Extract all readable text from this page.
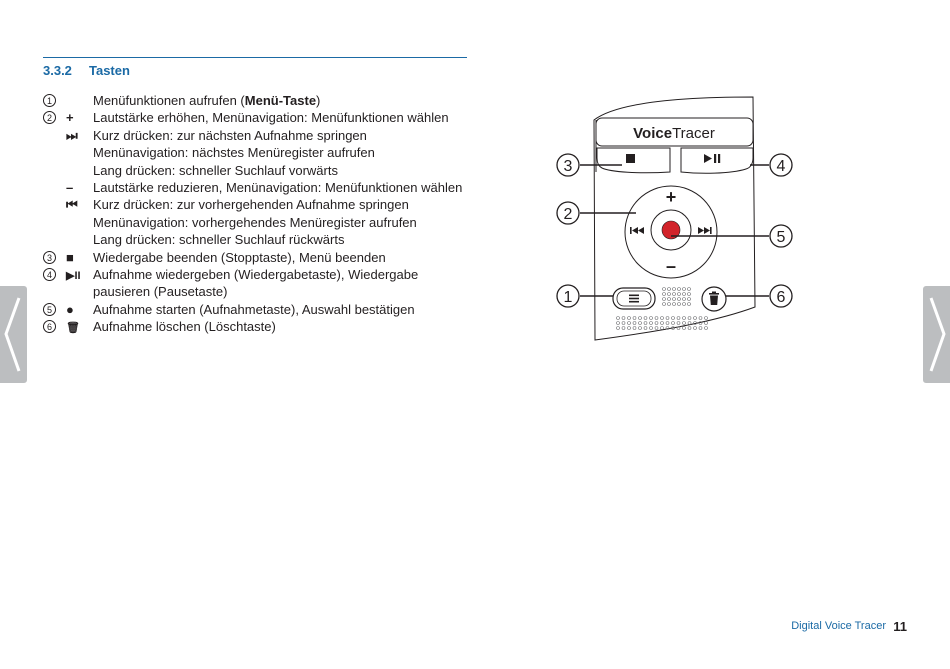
3.3.2 Tasten
1	Menüfunktionen aufrufen (Menü-Taste)
2	+	Lautstärke erhöhen, Menünavigation: Menüfunktionen wählen
⏭	Kurz drücken: zur nächsten Aufnahme springen
Menünavigation: nächstes Menüregister aufrufen
Lang drücken: schneller Suchlauf vorwärts
–	Lautstärke reduzieren, Menünavigation: Menüfunktionen wählen
⏮	Kurz drücken: zur vorhergehenden Aufnahme springen
Menünavigation: vorhergehendes Menüregister aufrufen
Lang drücken: schneller Suchlauf rückwärts
3	■	Wiedergabe beenden (Stopptaste), Menü beenden
4	▶II Aufnahme wiedergeben (Wiedergabetaste), Wiedergabe pausieren (Pausetaste)
5	●	Aufnahme starten (Aufnahmetaste), Auswahl bestätigen
6	🗑	Aufnahme löschen (Löschtaste)
VoiceTracer
+
–
3	4
2
5
1	6
Digital Voice Tracer 11
